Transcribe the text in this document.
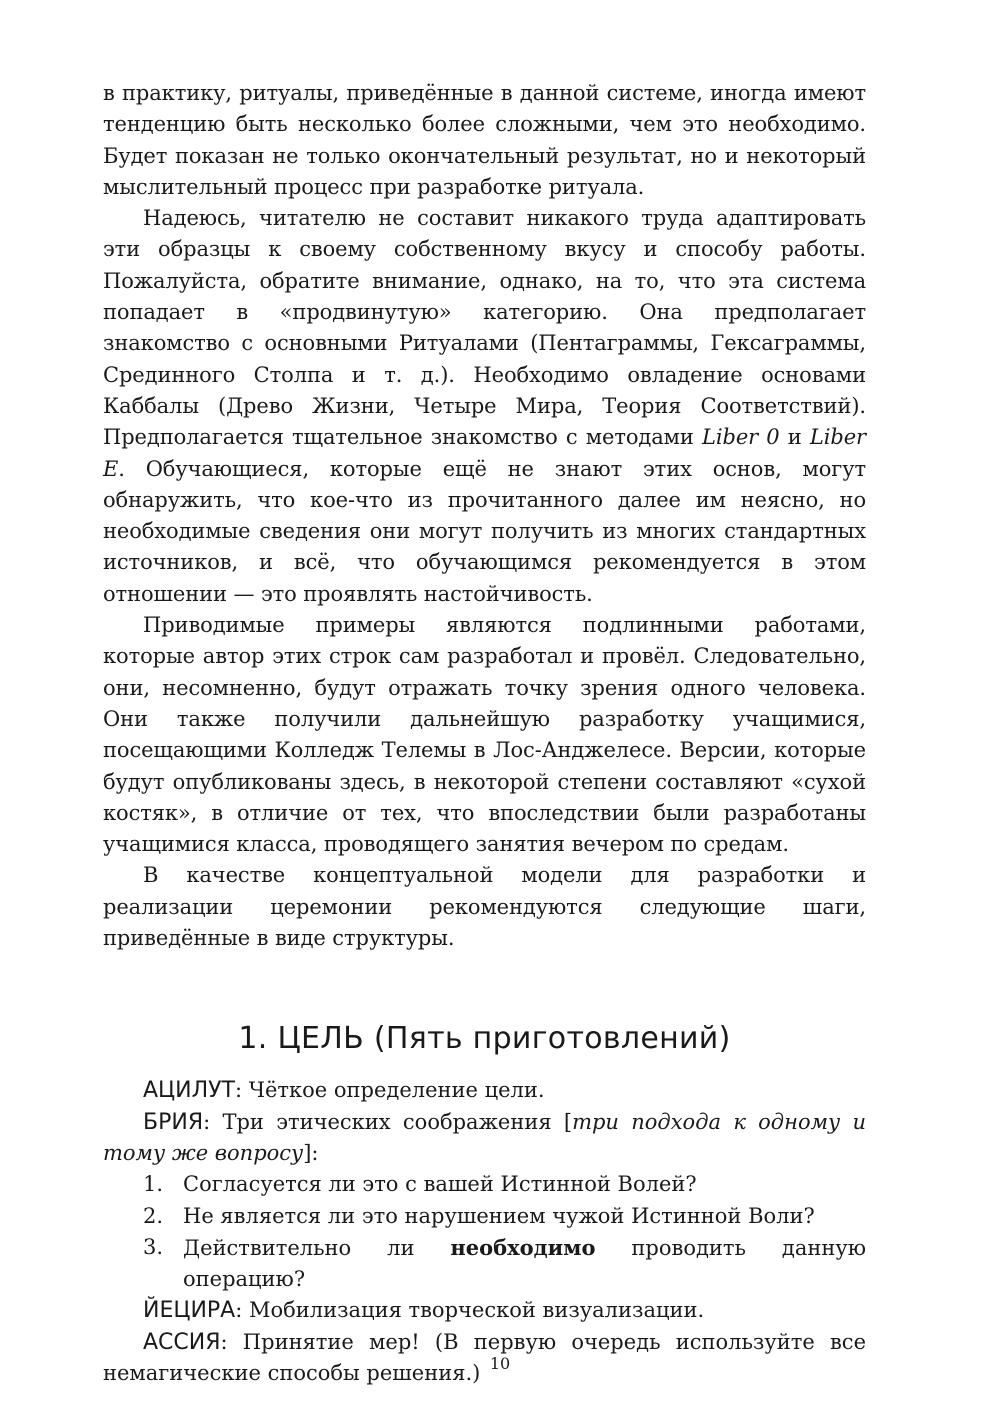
в практику, ритуалы, приведённые в данной системе, иногда имеют тенденцию быть несколько более сложными, чем это необходимо. Будет показан не только окончательный результат, но и некоторый мыслительный процесс при разработке ритуала.

Надеюсь, читателю не составит никакого труда адаптировать эти образцы к своему собственному вкусу и способу работы. Пожалуйста, обратите внимание, однако, на то, что эта система попадает в «продвинутую» категорию. Она предполагает знакомство с основными Ритуалами (Пентаграммы, Гексаграммы, Срединного Столпа и т. д.). Необходимо овладение основами Каббалы (Древо Жизни, Четыре Мира, Теория Соответствий). Предполагается тщательное знакомство с методами Liber 0 и Liber E. Обучающиеся, которые ещё не знают этих основ, могут обнаружить, что кое-что из прочитанного далее им неясно, но необходимые сведения они могут получить из многих стандартных источников, и всё, что обучающимся рекомендуется в этом отношении — это проявлять настойчивость.

Приводимые примеры являются подлинными работами, которые автор этих строк сам разработал и провёл. Следовательно, они, несомненно, будут отражать точку зрения одного человека. Они также получили дальнейшую разработку учащимися, посещающими Колледж Телемы в Лос-Анджелесе. Версии, которые будут опубликованы здесь, в некоторой степени составляют «сухой костяк», в отличие от тех, что впоследствии были разработаны учащимися класса, проводящего занятия вечером по средам.

В качестве концептуальной модели для разработки и реализации церемонии рекомендуются следующие шаги, приведённые в виде структуры.

1. ЦЕЛЬ (Пять приготовлений)

АЦИЛУТ: Чёткое определение цели.

БРИЯ: Три этических соображения [три подхода к одному и тому же вопросу]:

1. Согласуется ли это с вашей Истинной Волей?
2. Не является ли это нарушением чужой Истинной Воли?
3. Действительно ли необходимо проводить данную операцию?

ЙЕЦИРА: Мобилизация творческой визуализации.

АССИЯ: Принятие мер! (В первую очередь используйте все немагические способы решения.) 10
